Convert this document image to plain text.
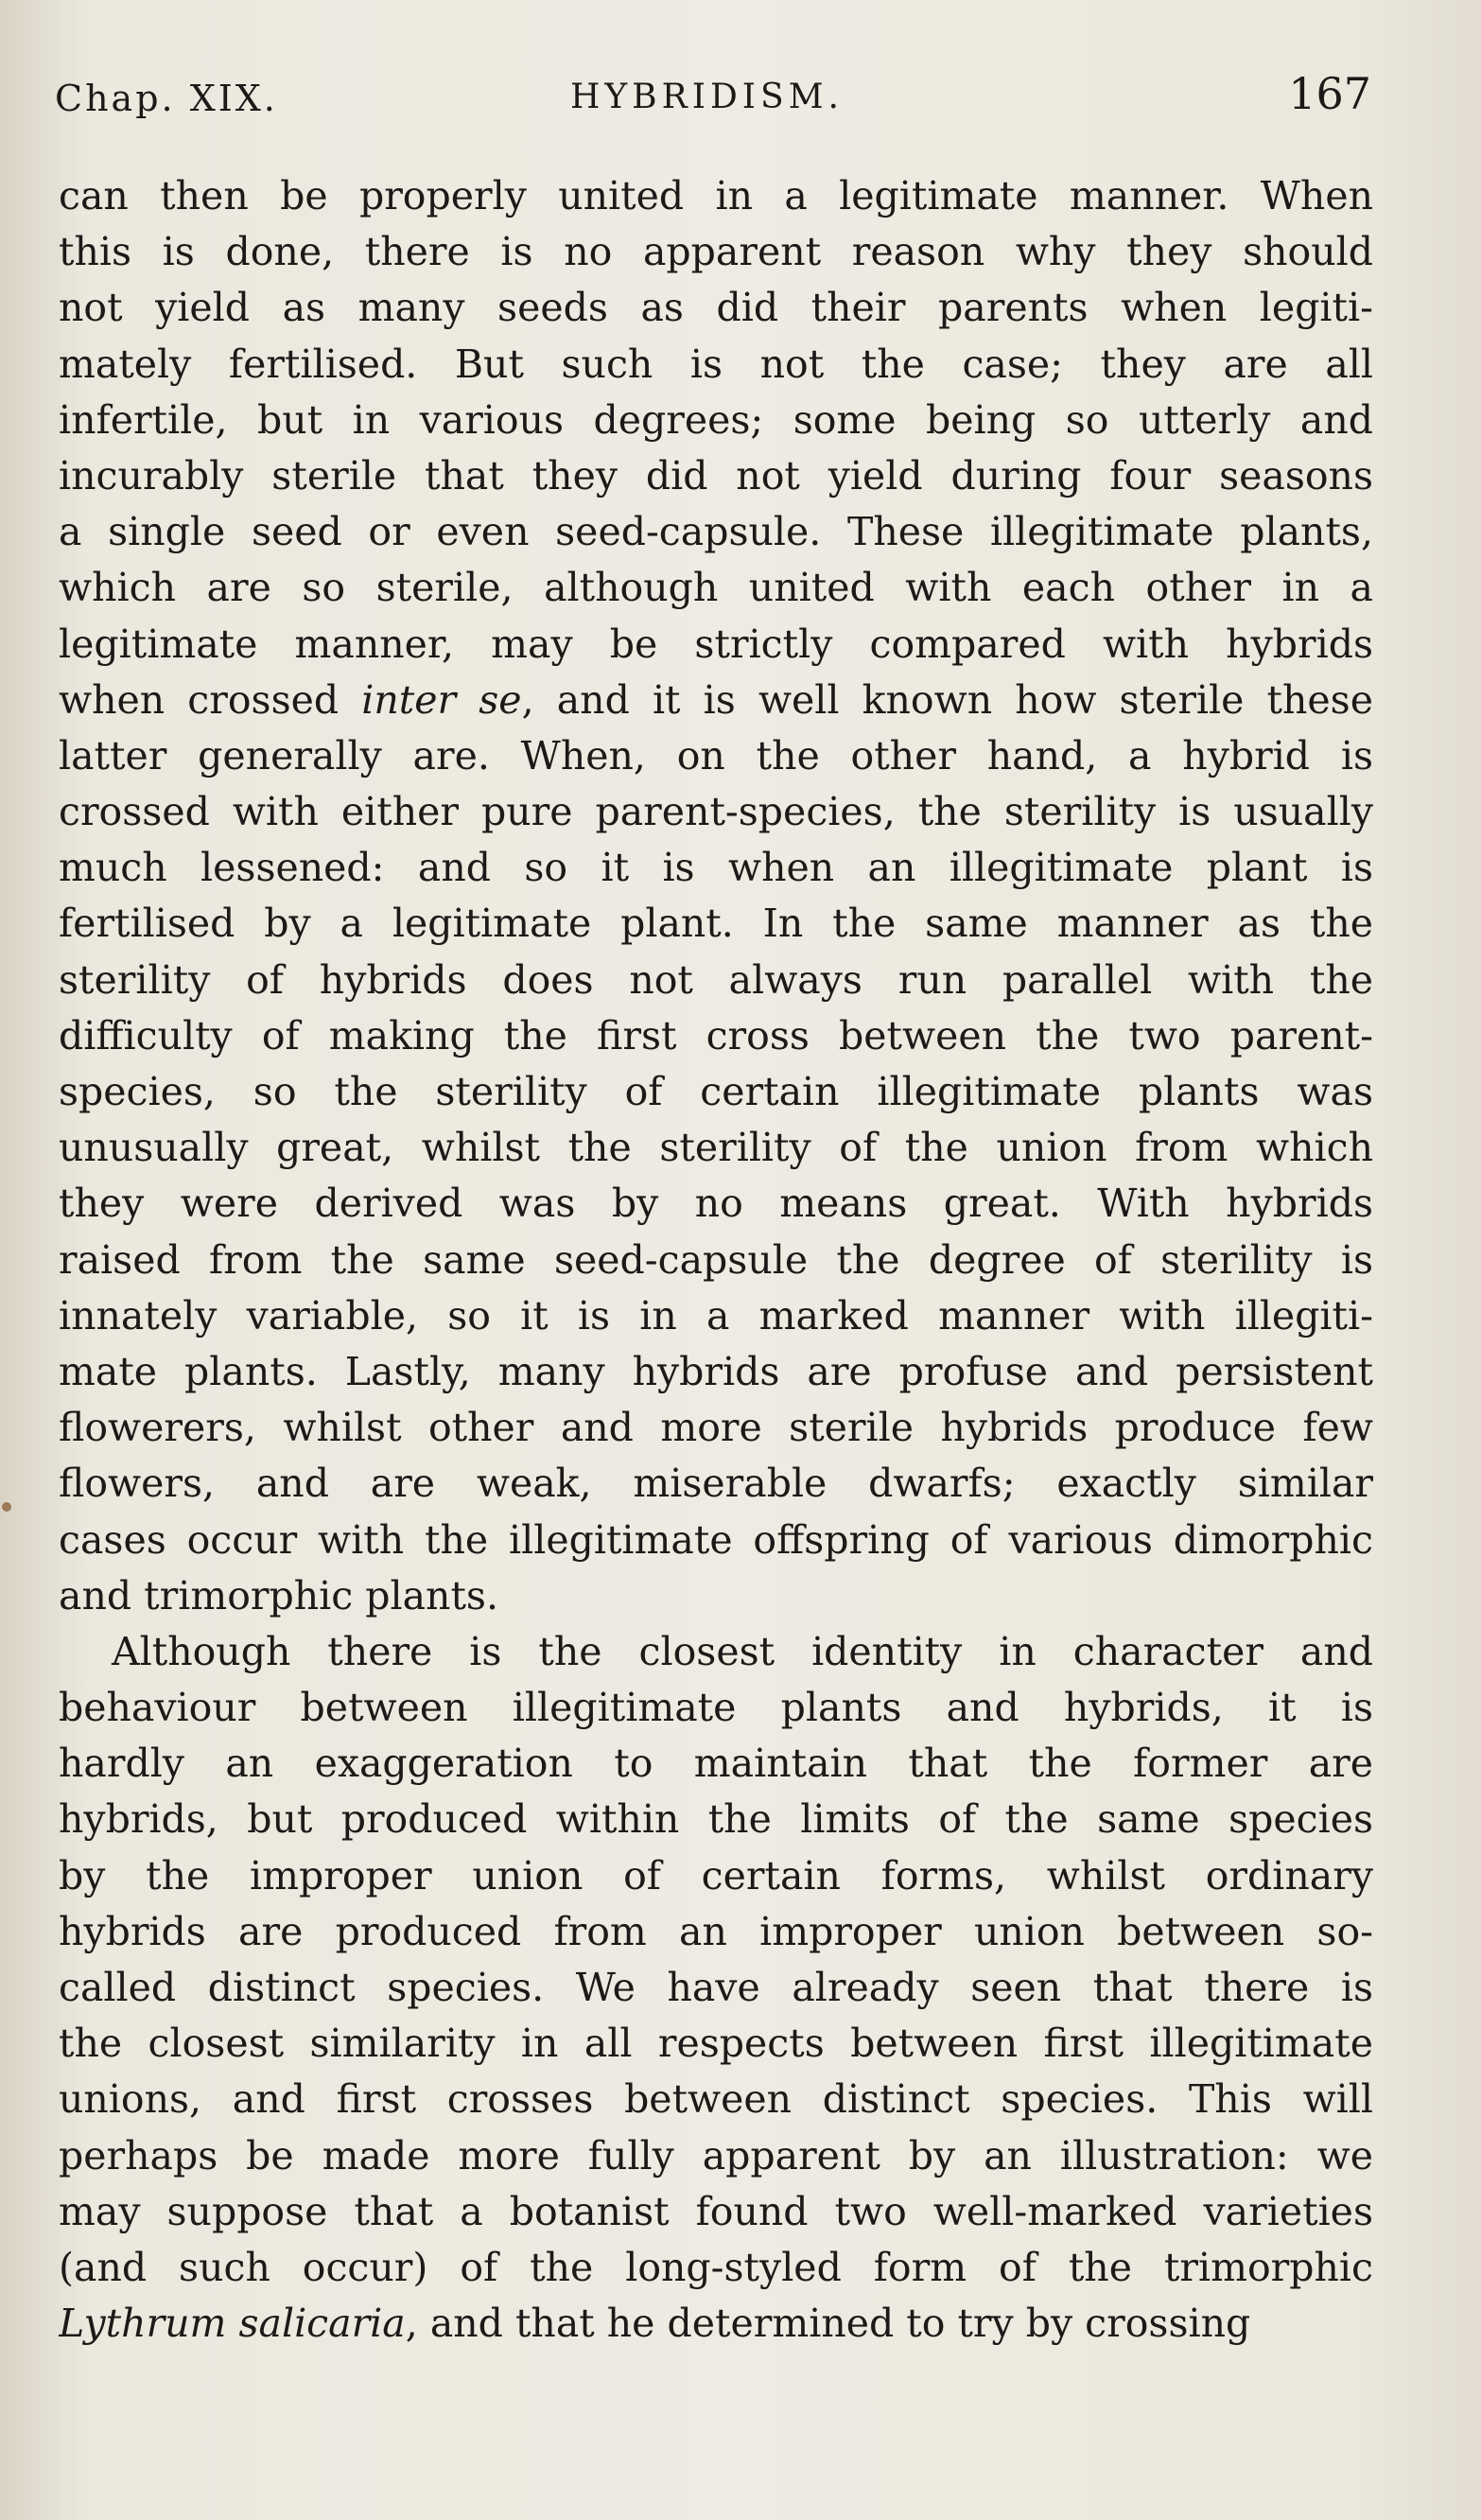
Chap. XIX.	HYBRIDISM.	167
can then be properly united in a legitimate manner. When
this is done, there is no apparent reason why they should
not yield as many seeds as did their parents when legiti-
mately fertilised. But such is not the case; they are all
infertile, but in various degrees; some being so utterly and
incurably sterile that they did not yield during four seasons
a single seed or even seed-capsule. These illegitimate plants,
which are so sterile, although united with each other in a
legitimate manner, may be strictly compared with hybrids
when crossed inter se, and it is well known how sterile these
latter generally are. When, on the other hand, a hybrid is
crossed with either pure parent-species, the sterility is usually
much lessened: and so it is when an illegitimate plant is
fertilised by a legitimate plant. In the same manner as the
sterility of hybrids does not always run parallel with the
difficulty of making the first cross between the two parent-
species, so the sterility of certain illegitimate plants was
unusually great, whilst the sterility of the union from which
they were derived was by no means great. With hybrids
raised from the same seed-capsule the degree of sterility is
innately variable, so it is in a marked manner with illegiti-
mate plants. Lastly, many hybrids are profuse and persistent
flowerers, whilst other and more sterile hybrids produce few
flowers, and are weak, miserable dwarfs; exactly similar
cases occur with the illegitimate offspring of various dimorphic
and trimorphic plants.
Although there is the closest identity in character and
behaviour between illegitimate plants and hybrids, it is
hardly an exaggeration to maintain that the former are
hybrids, but produced within the limits of the same species
by the improper union of certain forms, whilst ordinary
hybrids are produced from an improper union between so-
called distinct species. We have already seen that there is
the closest similarity in all respects between first illegitimate
unions, and first crosses between distinct species. This will
perhaps be made more fully apparent by an illustration: we
may suppose that a botanist found two well-marked varieties
(and such occur) of the long-styled form of the trimorphic
Lythrum salicaria, and that he determined to try by crossing
